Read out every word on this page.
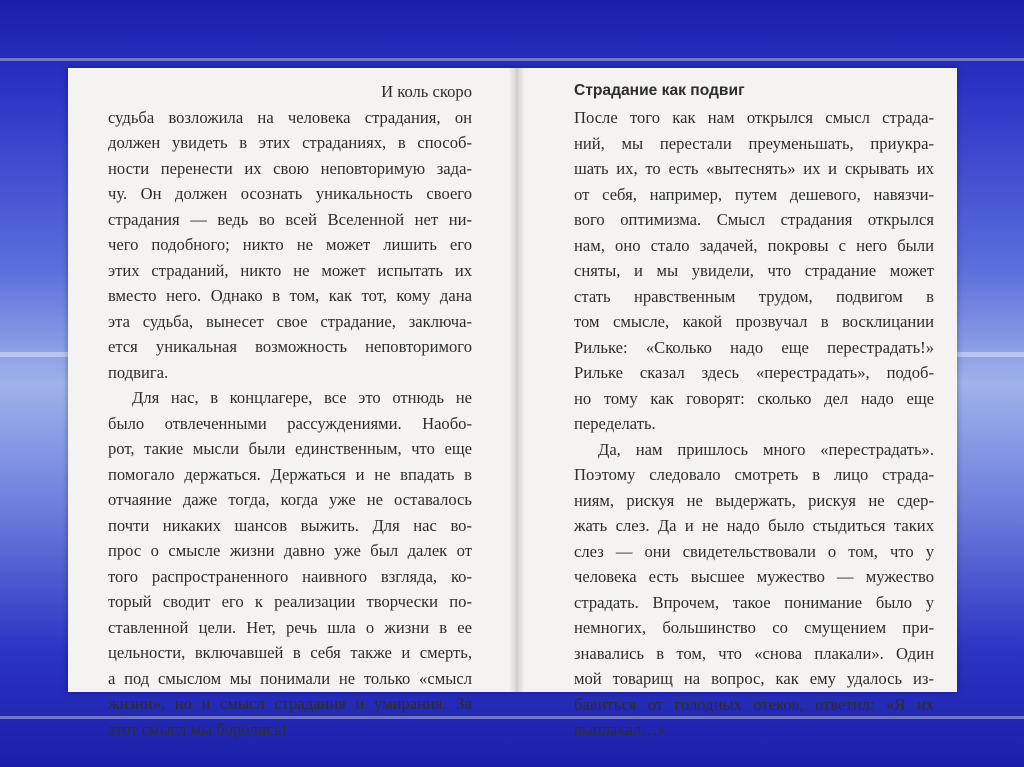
И коль скоро
судьба возложила на человека страдания, он
должен увидеть в этих страданиях, в способ-
ности перенести их свою неповторимую зада-
чу. Он должен осознать уникальность своего
страдания — ведь во всей Вселенной нет ни-
чего подобного; никто не может лишить его
этих страданий, никто не может испытать их
вместо него. Однако в том, как тот, кому дана
эта судьба, вынесет свое страдание, заключа-
ется уникальная возможность неповторимого
подвига.
Для нас, в концлагере, все это отнюдь не
было отвлеченными рассуждениями. Наобо-
рот, такие мысли были единственным, что еще
помогало держаться. Держаться и не впадать в
отчаяние даже тогда, когда уже не оставалось
почти никаких шансов выжить. Для нас во-
прос о смысле жизни давно уже был далек от
того распространенного наивного взгляда, ко-
торый сводит его к реализации творчески по-
ставленной цели. Нет, речь шла о жизни в ее
цельности, включавшей в себя также и смерть,
а под смыслом мы понимали не только «смысл
жизни», но и смысл страдания и умирания. За
этот смысл мы боролись!
Страдание как подвиг
После того как нам открылся смысл страда-
ний, мы перестали преуменьшать, приукра-
шать их, то есть «вытеснять» их и скрывать их
от себя, например, путем дешевого, навязчи-
вого оптимизма. Смысл страдания открылся
нам, оно стало задачей, покровы с него были
сняты, и мы увидели, что страдание может
стать нравственным трудом, подвигом в
том смысле, какой прозвучал в восклицании
Рильке: «Сколько надо еще перестрадать!»
Рильке сказал здесь «перестрадать», подоб-
но тому как говорят: сколько дел надо еще
переделать.
Да, нам пришлось много «перестрадать».
Поэтому следовало смотреть в лицо страда-
ниям, рискуя не выдержать, рискуя не сдер-
жать слез. Да и не надо было стыдиться таких
слез — они свидетельствовали о том, что у
человека есть высшее мужество — мужество
страдать. Впрочем, такое понимание было у
немногих, большинство со смущением при-
знавались в том, что «снова плакали». Один
мой товарищ на вопрос, как ему удалось из-
бавиться от голодных отеков, ответил: «Я их
выплакал…»
